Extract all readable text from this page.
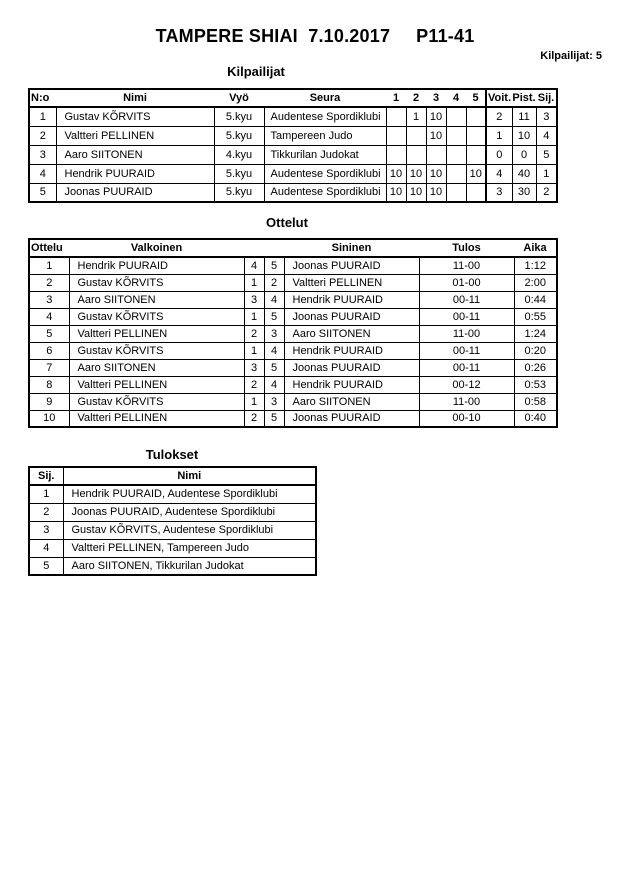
TAMPERE SHIAI  7.10.2017     P11-41
Kilpailijat: 5
Kilpailijat
N:o	Nimi	Vyö	Seura	1	2	3	4	5	Voit.	Pist.	Sij.
1	Gustav KÕRVITS	5.kyu	Audentese Spordiklubi		1	10			2	11	3
2	Valtteri PELLINEN	5.kyu	Tampereen Judo			10			1	10	4
3	Aaro SIITONEN	4.kyu	Tikkurilan Judokat						0	0	5
4	Hendrik PUURAID	5.kyu	Audentese Spordiklubi	10	10	10		10	4	40	1
5	Joonas PUURAID	5.kyu	Audentese Spordiklubi	10	10	10			3	30	2
Ottelut
Ottelu	Valkoinen			Sininen	Tulos	Aika
1	Hendrik PUURAID	4	5	Joonas PUURAID	11-00	1:12
2	Gustav KÕRVITS	1	2	Valtteri PELLINEN	01-00	2:00
3	Aaro SIITONEN	3	4	Hendrik PUURAID	00-11	0:44
4	Gustav KÕRVITS	1	5	Joonas PUURAID	00-11	0:55
5	Valtteri PELLINEN	2	3	Aaro SIITONEN	11-00	1:24
6	Gustav KÕRVITS	1	4	Hendrik PUURAID	00-11	0:20
7	Aaro SIITONEN	3	5	Joonas PUURAID	00-11	0:26
8	Valtteri PELLINEN	2	4	Hendrik PUURAID	00-12	0:53
9	Gustav KÕRVITS	1	3	Aaro SIITONEN	11-00	0:58
10	Valtteri PELLINEN	2	5	Joonas PUURAID	00-10	0:40
Tulokset
Sij.	Nimi
1	Hendrik PUURAID, Audentese Spordiklubi
2	Joonas PUURAID, Audentese Spordiklubi
3	Gustav KÕRVITS, Audentese Spordiklubi
4	Valtteri PELLINEN, Tampereen Judo
5	Aaro SIITONEN, Tikkurilan Judokat
